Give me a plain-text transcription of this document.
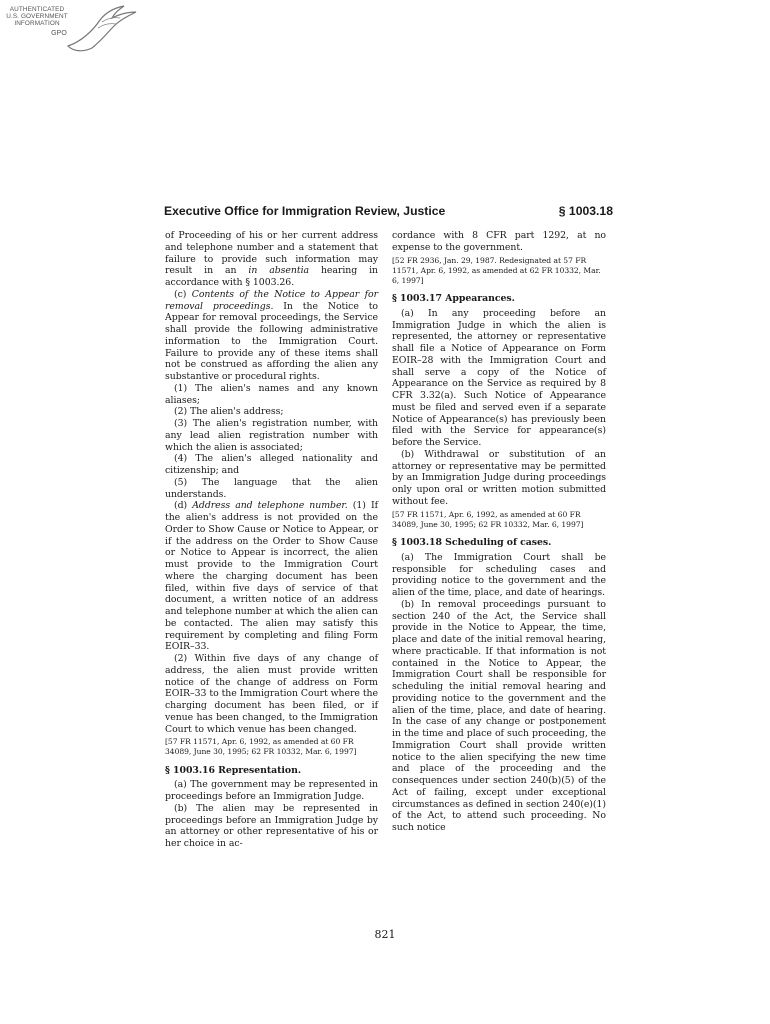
AUTHENTICATED
U.S. GOVERNMENT
INFORMATION
GPO
Executive Office for Immigration Review, Justice	§ 1003.18

of Proceeding of his or her current address and telephone number and a statement that failure to provide such information may result in an in absentia hearing in accordance with § 1003.26.

(c) Contents of the Notice to Appear for removal proceedings. In the Notice to Appear for removal proceedings, the Service shall provide the following administrative information to the Immigration Court. Failure to provide any of these items shall not be construed as affording the alien any substantive or procedural rights.

(1) The alien's names and any known aliases;

(2) The alien's address;

(3) The alien's registration number, with any lead alien registration number with which the alien is associated;

(4) The alien's alleged nationality and citizenship; and

(5) The language that the alien understands.

(d) Address and telephone number. (1) If the alien's address is not provided on the Order to Show Cause or Notice to Appear, or if the address on the Order to Show Cause or Notice to Appear is incorrect, the alien must provide to the Immigration Court where the charging document has been filed, within five days of service of that document, a written notice of an address and telephone number at which the alien can be contacted. The alien may satisfy this requirement by completing and filing Form EOIR–33.

(2) Within five days of any change of address, the alien must provide written notice of the change of address on Form EOIR–33 to the Immigration Court where the charging document has been filed, or if venue has been changed, to the Immigration Court to which venue has been changed.

[57 FR 11571, Apr. 6, 1992, as amended at 60 FR 34089, June 30, 1995; 62 FR 10332, Mar. 6, 1997]

§ 1003.16 Representation.

(a) The government may be represented in proceedings before an Immigration Judge.

(b) The alien may be represented in proceedings before an Immigration Judge by an attorney or other representative of his or her choice in ac-

cordance with 8 CFR part 1292, at no expense to the government.

[52 FR 2936, Jan. 29, 1987. Redesignated at 57 FR 11571, Apr. 6, 1992, as amended at 62 FR 10332, Mar. 6, 1997]

§ 1003.17 Appearances.

(a) In any proceeding before an Immigration Judge in which the alien is represented, the attorney or representative shall file a Notice of Appearance on Form EOIR–28 with the Immigration Court and shall serve a copy of the Notice of Appearance on the Service as required by 8 CFR 3.32(a). Such Notice of Appearance must be filed and served even if a separate Notice of Appearance(s) has previously been filed with the Service for appearance(s) before the Service.

(b) Withdrawal or substitution of an attorney or representative may be permitted by an Immigration Judge during proceedings only upon oral or written motion submitted without fee.

[57 FR 11571, Apr. 6, 1992, as amended at 60 FR 34089, June 30, 1995; 62 FR 10332, Mar. 6, 1997]

§ 1003.18 Scheduling of cases.

(a) The Immigration Court shall be responsible for scheduling cases and providing notice to the government and the alien of the time, place, and date of hearings.

(b) In removal proceedings pursuant to section 240 of the Act, the Service shall provide in the Notice to Appear, the time, place and date of the initial removal hearing, where practicable. If that information is not contained in the Notice to Appear, the Immigration Court shall be responsible for scheduling the initial removal hearing and providing notice to the government and the alien of the time, place, and date of hearing. In the case of any change or postponement in the time and place of such proceeding, the Immigration Court shall provide written notice to the alien specifying the new time and place of the proceeding and the consequences under section 240(b)(5) of the Act of failing, except under exceptional circumstances as defined in section 240(e)(1) of the Act, to attend such proceeding. No such notice

821
